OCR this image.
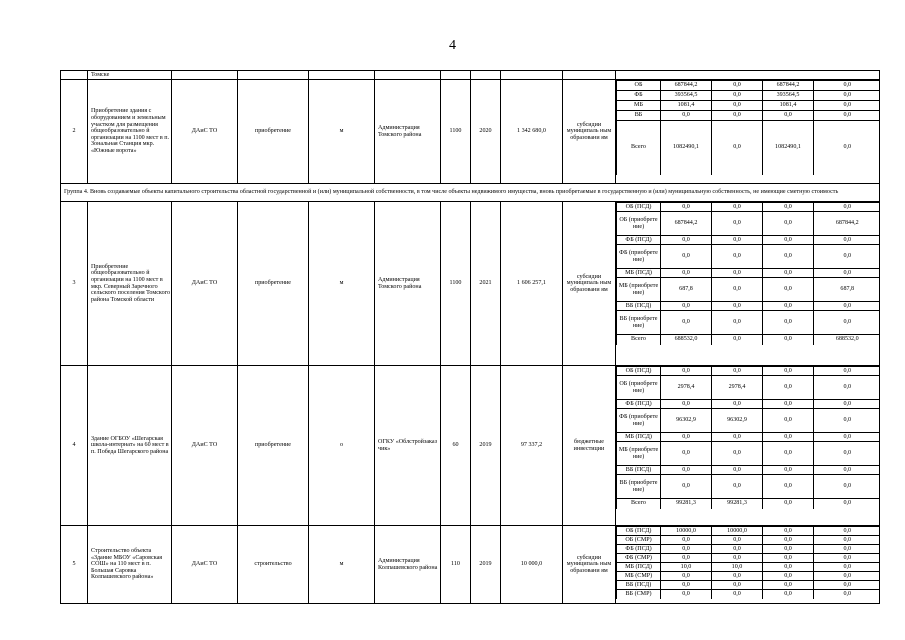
4
	Томске									
2	Приобретение здания с оборудованием и земельным участком для размещения общеобразовательно й организации на 1100 мест в п. Зональная Станция мкр. «Южные ворота»	ДАиС ТО	приобретение	м	Администрация Томского района	1100	2020	1 342 680,0	субсидии муниципаль ным образовани ям	
ОБ	687844,2	0,0	687844,2	0,0
ФБ	393564,5	0,0	393564,5	0,0
МБ	1081,4	0,0	1081,4	0,0
ВБ	0,0	0,0	0,0	0,0
Всего	1082490,1	0,0	1082490,1	0,0

Группа 4. Вновь создаваемые объекты капитального строительства областной государственной и (или) муниципальной собственности, в том числе объекты недвижимого имущества, вновь приобретаемые в государственную и (или) муниципальную собственность, не имеющие сметную стоимость
3	Приобретение общеобразовательно й организации на 1100 мест в мкр. Северный Заречного сельского поселения Томского района Томской области	ДАиС ТО	приобретение	м	Администрация Томского района	1100	2021	1 606 257,1	субсидии муниципаль ным образовани ям	
ОБ (ПСД)	0,0	0,0	0,0	0,0
ОБ (приобрете ние)	687844,2	0,0	0,0	687844,2
ФБ (ПСД)	0,0	0,0	0,0	0,0
ФБ (приобрете ние)	0,0	0,0	0,0	0,0
МБ (ПСД)	0,0	0,0	0,0	0,0
МБ (приобрете ние)	687,8	0,0	0,0	687,8
ВБ (ПСД)	0,0	0,0	0,0	0,0
ВБ (приобрете ние)	0,0	0,0	0,0	0,0
Всего	688532,0	0,0	0,0	688532,0

4	Здание ОГБОУ «Шегарская школа-интернат» на 60 мест в п. Победа Шегарского района	ДАиС ТО	приобретение	о	ОГКУ «Облстройзаказ чик»	60	2019	97 337,2	бюджетные инвестиции	
ОБ (ПСД)	0,0	0,0	0,0	0,0
ОБ (приобрете ние)	2978,4	2978,4	0,0	0,0
ФБ (ПСД)	0,0	0,0	0,0	0,0
ФБ (приобрете ние)	96302,9	96302,9	0,0	0,0
МБ (ПСД)	0,0	0,0	0,0	0,0
МБ (приобрете ние)	0,0	0,0	0,0	0,0
ВБ (ПСД)	0,0	0,0	0,0	0,0
ВБ (приобрете ние)	0,0	0,0	0,0	0,0
Всего	99281,3	99281,3	0,0	0,0

5	Строительство объекта «Здание МБОУ «Саровская СОШ» на 110 мест в п. Большая Саровка Колпашевского района»	ДАиС ТО	строительство	м	Администрация Колпашевского района	110	2019	10 000,0	субсидии муниципаль ным образовани ям	
ОБ (ПСД)	10000,0	10000,0	0,0	0,0
ОБ (СМР)	0,0	0,0	0,0	0,0
ФБ (ПСД)	0,0	0,0	0,0	0,0
ФБ (СМР)	0,0	0,0	0,0	0,0
МБ (ПСД)	10,0	10,0	0,0	0,0
МБ (СМР)	0,0	0,0	0,0	0,0
ВБ (ПСД)	0,0	0,0	0,0	0,0
ВБ (СМР)	0,0	0,0	0,0	0,0
